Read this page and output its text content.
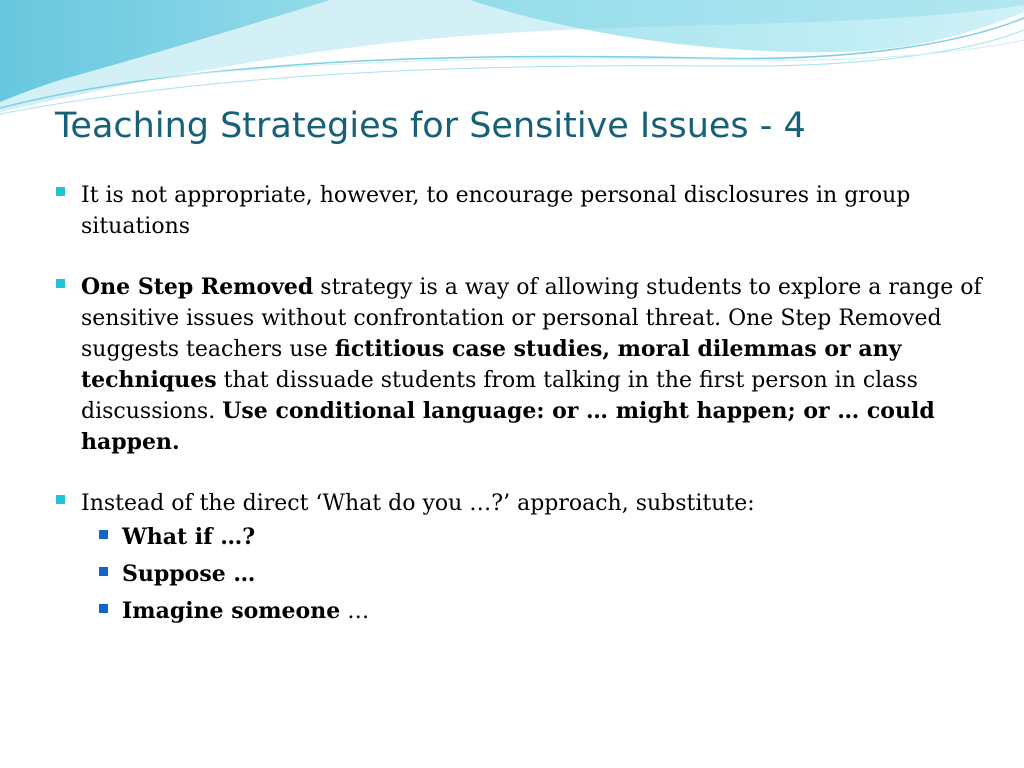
Teaching Strategies for Sensitive Issues - 4
It is not appropriate, however, to encourage personal disclosures in group situations
One Step Removed strategy is a way of allowing students to explore a range of sensitive issues without confrontation or personal threat. One Step Removed suggests teachers use fictitious case studies, moral dilemmas or any techniques that dissuade students from talking in the first person in class discussions. Use conditional language: or … might happen; or … could happen.
Instead of the direct ‘What do you …?’ approach, substitute:
What if …?
Suppose …
Imagine someone …
